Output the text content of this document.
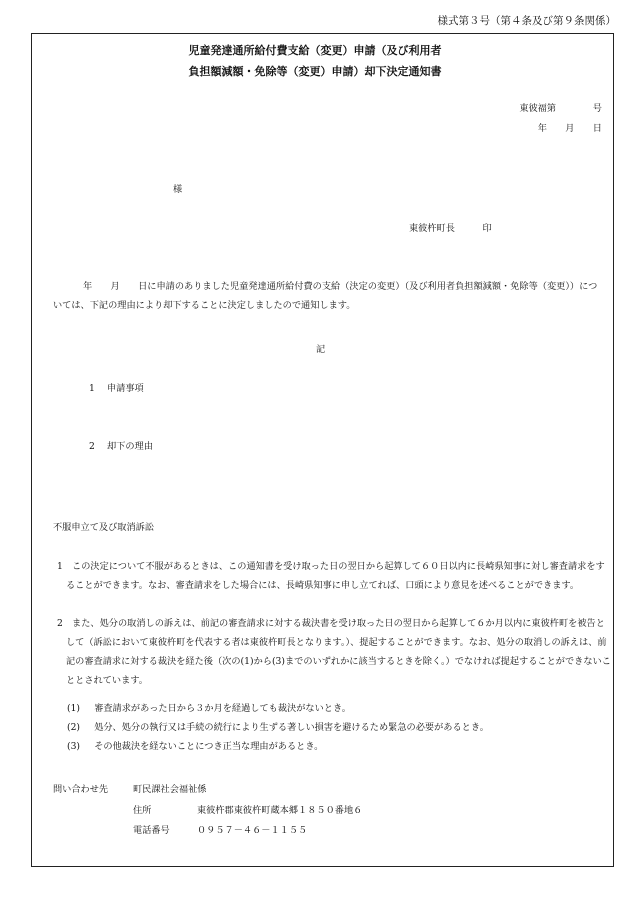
様式第３号（第４条及び第９条関係）
児童発達通所給付費支給（変更）申請（及び利用者
負担額減額・免除等（変更）申請）却下決定通知書
東彼福第　　　　号
年　　月　　日
様
東彼杵町長　　　印
年　　月　　日に申請のありました児童発達通所給付費の支給（決定の変更）（及び利用者負担額減額・免除等（変更））については、下記の理由により却下することに決定しましたので通知します。
記
1 申請事項
2 却下の理由
不服申立て及び取消訴訟
1　 この決定について不服があるときは、この通知書を受け取った日の翌日から起算して６０日以内に長崎県知事に対し審査請求をすることができます。なお、審査請求をした場合には、長崎県知事に申し立てれば、口頭により意見を述べることができます。
2　 また、処分の取消しの訴えは、前記の審査請求に対する裁決書を受け取った日の翌日から起算して６か月以内に東彼杵町を被告として（訴訟において東彼杵町を代表する者は東彼杵町長となります。）、提起することができます。なお、処分の取消しの訴えは、前記の審査請求に対する裁決を経た後（次の(1)から(3)までのいずれかに該当するときを除く。）でなければ提起することができないこととされています。
(1)　 審査請求があった日から３か月を経過しても裁決がないとき。
(2)　 処分、処分の執行又は手続の続行により生ずる著しい損害を避けるため緊急の必要があるとき。
(3)　 その他裁決を経ないことにつき正当な理由があるとき。
問い合わせ先	町民課社会福祉係
住所	東彼杵郡東彼杵町蔵本郷１８５０番地６
電話番号	０９５７－４６－１１５５
